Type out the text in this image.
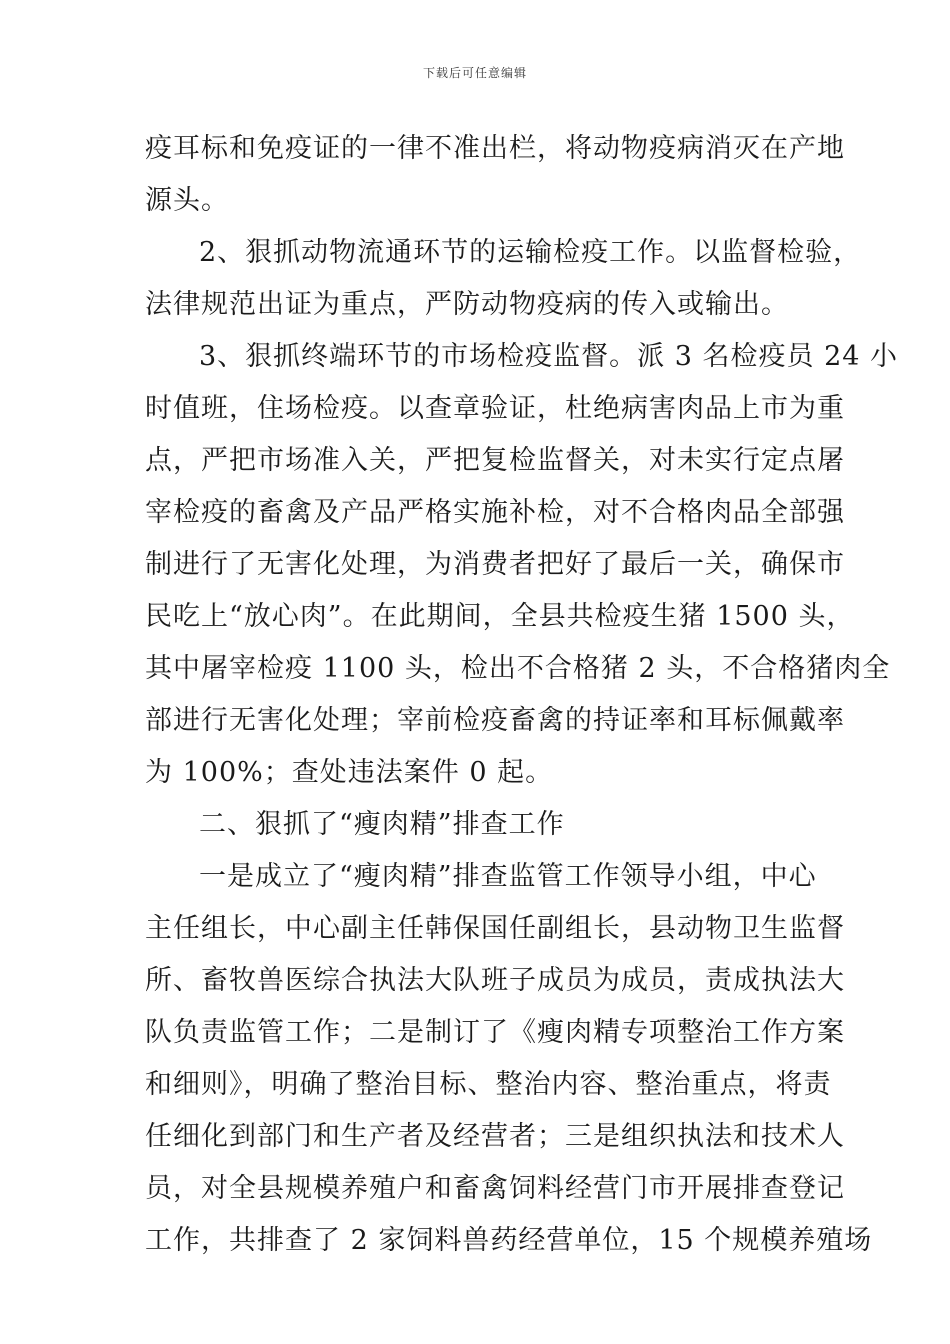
下载后可任意编辑
疫耳标和免疫证的一律不准出栏，将动物疫病消灭在产地
源头。
2、狠抓动物流通环节的运输检疫工作。以监督检验，
法律规范出证为重点，严防动物疫病的传入或输出。
3、狠抓终端环节的市场检疫监督。派 3 名检疫员 24 小
时值班，住场检疫。以查章验证，杜绝病害肉品上市为重
点，严把市场准入关，严把复检监督关，对未实行定点屠
宰检疫的畜禽及产品严格实施补检，对不合格肉品全部强
制进行了无害化处理，为消费者把好了最后一关，确保市
民吃上“放心肉”。在此期间，全县共检疫生猪 1500 头，
其中屠宰检疫 1100 头，检出不合格猪 2 头，不合格猪肉全
部进行无害化处理；宰前检疫畜禽的持证率和耳标佩戴率
为 100%；查处违法案件 0 起。
二、狠抓了“瘦肉精”排查工作
一是成立了“瘦肉精”排查监管工作领导小组，中心
主任组长，中心副主任韩保国任副组长，县动物卫生监督
所、畜牧兽医综合执法大队班子成员为成员，责成执法大
队负责监管工作；二是制订了《瘦肉精专项整治工作方案
和细则》，明确了整治目标、整治内容、整治重点，将责
任细化到部门和生产者及经营者；三是组织执法和技术人
员，对全县规模养殖户和畜禽饲料经营门市开展排查登记
工作，共排查了 2 家饲料兽药经营单位，15 个规模养殖场
